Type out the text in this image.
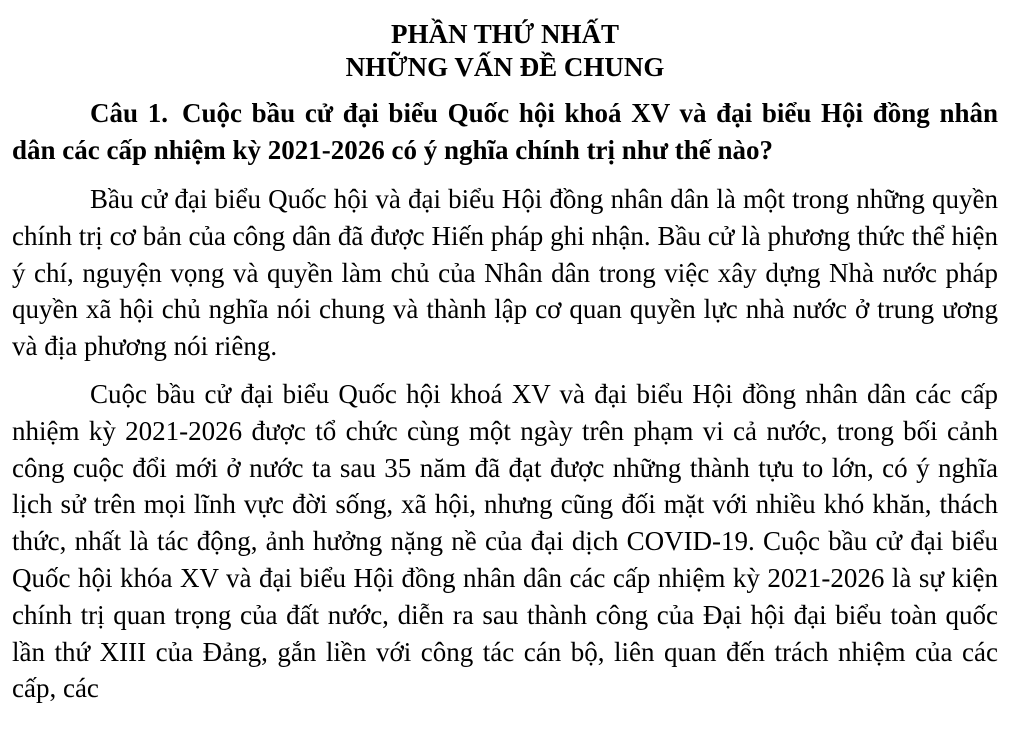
PHẦN THỨ NHẤT
NHỮNG VẤN ĐỀ CHUNG

Câu 1. Cuộc bầu cử đại biểu Quốc hội khoá XV và đại biểu Hội đồng nhân dân các cấp nhiệm kỳ 2021-2026 có ý nghĩa chính trị như thế nào?

Bầu cử đại biểu Quốc hội và đại biểu Hội đồng nhân dân là một trong những quyền chính trị cơ bản của công dân đã được Hiến pháp ghi nhận. Bầu cử là phương thức thể hiện ý chí, nguyện vọng và quyền làm chủ của Nhân dân trong việc xây dựng Nhà nước pháp quyền xã hội chủ nghĩa nói chung và thành lập cơ quan quyền lực nhà nước ở trung ương và địa phương nói riêng.

Cuộc bầu cử đại biểu Quốc hội khoá XV và đại biểu Hội đồng nhân dân các cấp nhiệm kỳ 2021-2026 được tổ chức cùng một ngày trên phạm vi cả nước, trong bối cảnh công cuộc đổi mới ở nước ta sau 35 năm đã đạt được những thành tựu to lớn, có ý nghĩa lịch sử trên mọi lĩnh vực đời sống, xã hội, nhưng cũng đối mặt với nhiều khó khăn, thách thức, nhất là tác động, ảnh hưởng nặng nề của đại dịch COVID-19. Cuộc bầu cử đại biểu Quốc hội khóa XV và đại biểu Hội đồng nhân dân các cấp nhiệm kỳ 2021-2026 là sự kiện chính trị quan trọng của đất nước, diễn ra sau thành công của Đại hội đại biểu toàn quốc lần thứ XIII của Đảng, gắn liền với công tác cán bộ, liên quan đến trách nhiệm của các cấp, các
